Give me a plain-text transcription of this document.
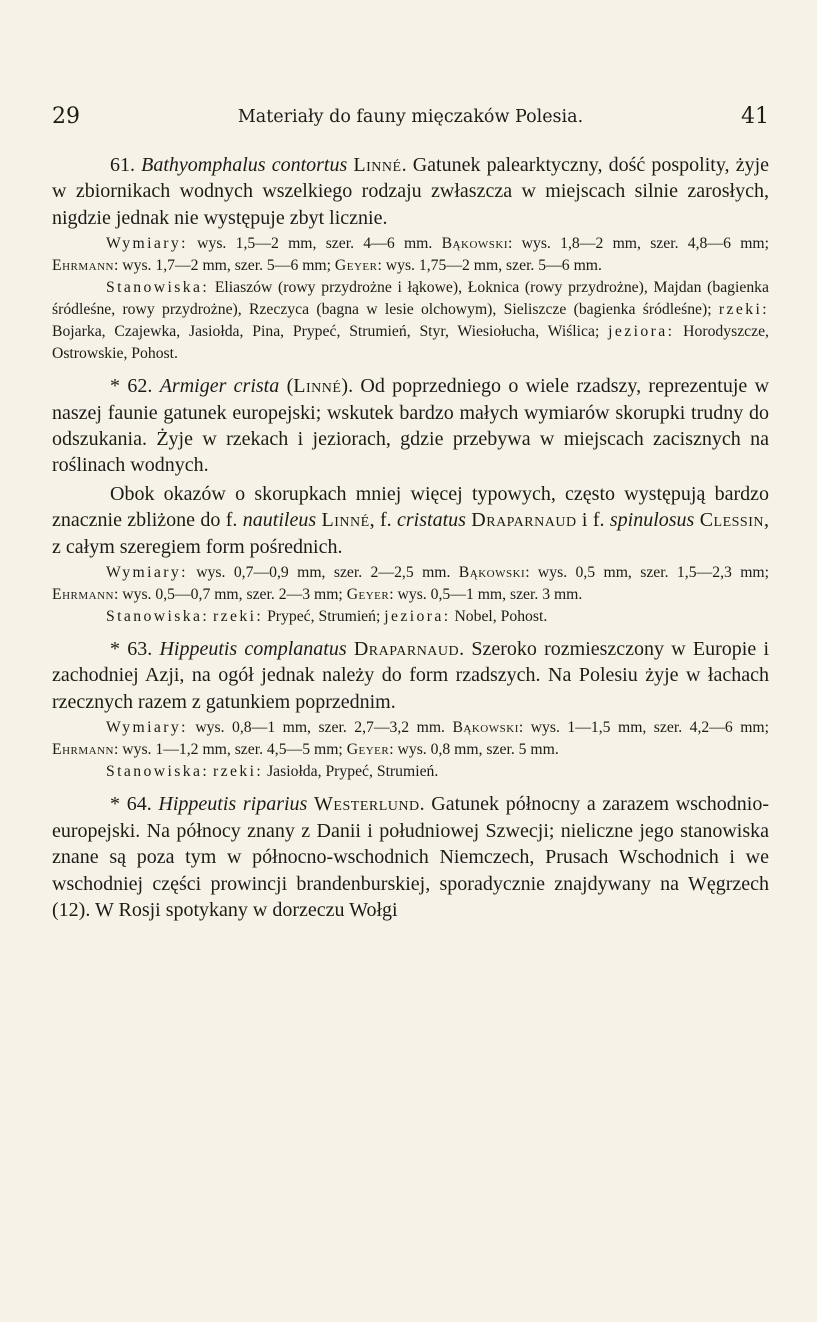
29	Materiały do fauny mięczaków Polesia.	41

61. Bathyomphalus contortus Linné. Gatunek palearktyczny, dość pospolity, żyje w zbiornikach wodnych wszelkiego rodzaju zwłaszcza w miejscach silnie zarosłych, nigdzie jednak nie występuje zbyt licznie.

Wymiary: wys. 1,5—2 mm, szer. 4—6 mm. Bąkowski: wys. 1,8—2 mm, szer. 4,8—6 mm; Ehrmann: wys. 1,7—2 mm, szer. 5—6 mm; Geyer: wys. 1,75—2 mm, szer. 5—6 mm.

Stanowiska: Eliaszów (rowy przydrożne i łąkowe), Łoknica (rowy przydrożne), Majdan (bagienka śródleśne, rowy przydrożne), Rzeczyca (bagna w lesie olchowym), Sieliszcze (bagienka śródleśne); rzeki: Bojarka, Czajewka, Jasiołda, Pina, Prypeć, Strumień, Styr, Wiesiołucha, Wiślica; jeziora: Horodyszcze, Ostrowskie, Pohost.

* 62. Armiger crista (Linné). Od poprzedniego o wiele rzadszy, reprezentuje w naszej faunie gatunek europejski; wskutek bardzo małych wymiarów skorupki trudny do odszukania. Żyje w rzekach i jeziorach, gdzie przebywa w miejscach zacisznych na roślinach wodnych.

Obok okazów o skorupkach mniej więcej typowych, często występują bardzo znacznie zbliżone do f. nautileus Linné, f. cristatus Draparnaud i f. spinulosus Clessin, z całym szeregiem form pośrednich.

Wymiary: wys. 0,7—0,9 mm, szer. 2—2,5 mm. Bąkowski: wys. 0,5 mm, szer. 1,5—2,3 mm; Ehrmann: wys. 0,5—0,7 mm, szer. 2—3 mm; Geyer: wys. 0,5—1 mm, szer. 3 mm.

Stanowiska: rzeki: Prypeć, Strumień; jeziora: Nobel, Pohost.

* 63. Hippeutis complanatus Draparnaud. Szeroko rozmieszczony w Europie i zachodniej Azji, na ogół jednak należy do form rzadszych. Na Polesiu żyje w łachach rzecznych razem z gatunkiem poprzednim.

Wymiary: wys. 0,8—1 mm, szer. 2,7—3,2 mm. Bąkowski: wys. 1—1,5 mm, szer. 4,2—6 mm; Ehrmann: wys. 1—1,2 mm, szer. 4,5—5 mm; Geyer: wys. 0,8 mm, szer. 5 mm.

Stanowiska: rzeki: Jasiołda, Prypeć, Strumień.

* 64. Hippeutis riparius Westerlund. Gatunek północny a zarazem wschodnio-europejski. Na północy znany z Danii i południowej Szwecji; nieliczne jego stanowiska znane są poza tym w północno-wschodnich Niemczech, Prusach Wschodnich i we wschodniej części prowincji brandenburskiej, sporadycznie znajdywany na Węgrzech (12). W Rosji spotykany w dorzeczu Wołgi
